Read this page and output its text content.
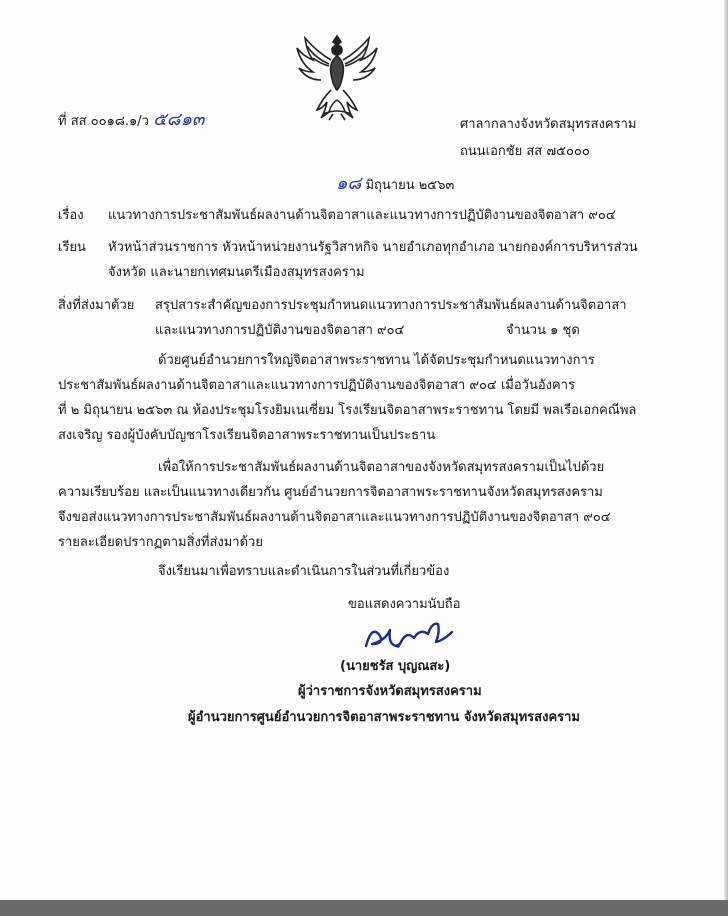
ที่ สส ๐๐๑๘.๑/ว ๕๘๑๓	ศาลากลางจังหวัดสมุทรสงคราม
ถนนเอกชัย สส ๗๕๐๐๐
๑๘ มิถุนายน ๒๕๖๓
เรื่อง แนวทางการประชาสัมพันธ์ผลงานด้านจิตอาสาและแนวทางการปฏิบัติงานของจิตอาสา ๙๐๔
เรียน หัวหน้าส่วนราชการ หัวหน้าหน่วยงานรัฐวิสาหกิจ นายอำเภอทุกอำเภอ นายกองค์การบริหารส่วน
จังหวัด และนายกเทศมนตรีเมืองสมุทรสงคราม
สิ่งที่ส่งมาด้วย สรุปสาระสำคัญของการประชุมกำหนดแนวทางการประชาสัมพันธ์ผลงานด้านจิตอาสา
และแนวทางการปฏิบัติงานของจิตอาสา ๙๐๔	จำนวน ๑ ชุด
ด้วยศูนย์อำนวยการใหญ่จิตอาสาพระราชทาน ได้จัดประชุมกำหนดแนวทางการ
ประชาสัมพันธ์ผลงานด้านจิตอาสาและแนวทางการปฏิบัติงานของจิตอาสา ๙๐๔ เมื่อวันอังคาร
ที่ ๒ มิถุนายน ๒๕๖๓ ณ ห้องประชุมโรงยิมเนเซี่ยม โรงเรียนจิตอาสาพระราชทาน โดยมี พลเรือเอกคณีพล
สงเจริญ รองผู้บังคับบัญชาโรงเรียนจิตอาสาพระราชทานเป็นประธาน
เพื่อให้การประชาสัมพันธ์ผลงานด้านจิตอาสาของจังหวัดสมุทรสงครามเป็นไปด้วย
ความเรียบร้อย และเป็นแนวทางเดียวกัน ศูนย์อำนวยการจิตอาสาพระราชทานจังหวัดสมุทรสงคราม
จึงขอส่งแนวทางการประชาสัมพันธ์ผลงานด้านจิตอาสาและแนวทางการปฏิบัติงานของจิตอาสา ๙๐๔
รายละเอียดปรากฏตามสิ่งที่ส่งมาด้วย
จึงเรียนมาเพื่อทราบและดำเนินการในส่วนที่เกี่ยวข้อง
ขอแสดงความนับถือ
(นายชรัส บุญณสะ)
ผู้ว่าราชการจังหวัดสมุทรสงคราม
ผู้อำนวยการศูนย์อำนวยการจิตอาสาพระราชทาน จังหวัดสมุทรสงคราม
